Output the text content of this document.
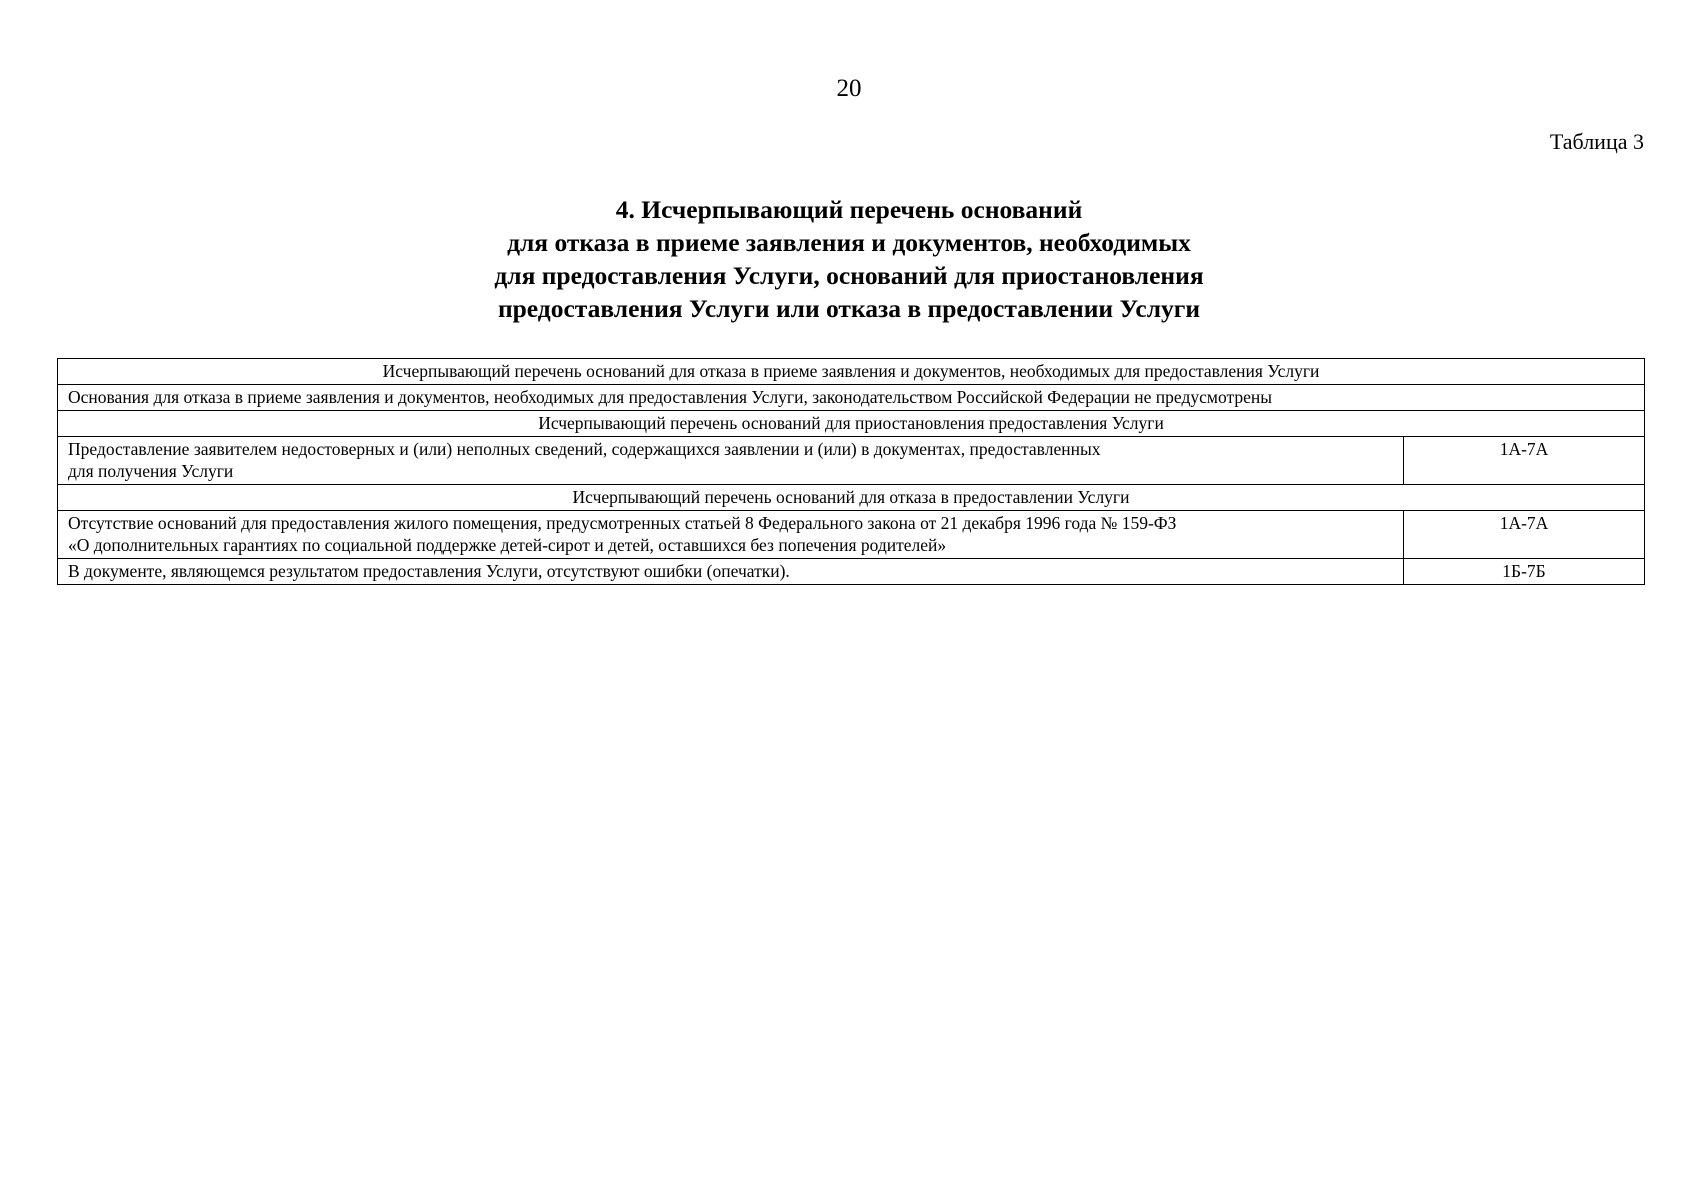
20
Таблица 3
4. Исчерпывающий перечень оснований
для отказа в приеме заявления и документов, необходимых
для предоставления Услуги, оснований для приостановления
предоставления Услуги или отказа в предоставлении Услуги
Исчерпывающий перечень оснований для отказа в приеме заявления и документов, необходимых для предоставления Услуги	
Основания для отказа в приеме заявления и документов, необходимых для предоставления Услуги, законодательством Российской Федерации не предусмотрены	
Исчерпывающий перечень оснований для приостановления предоставления Услуги	

Предоставление заявителем недостоверных и (или) неполных сведений, содержащихся заявлении и (или) в документах, предоставленных
для получения Услуги	1А-7А
Исчерпывающий перечень оснований для отказа в предоставлении Услуги	

Отсутствие оснований для предоставления жилого помещения, предусмотренных статьей 8 Федерального закона от 21 декабря 1996 года № 159-ФЗ
«О дополнительных гарантиях по социальной поддержке детей-сирот и детей, оставшихся без попечения родителей»	1А-7А

В документе, являющемся результатом предоставления Услуги, отсутствуют ошибки (опечатки).	1Б-7Б
